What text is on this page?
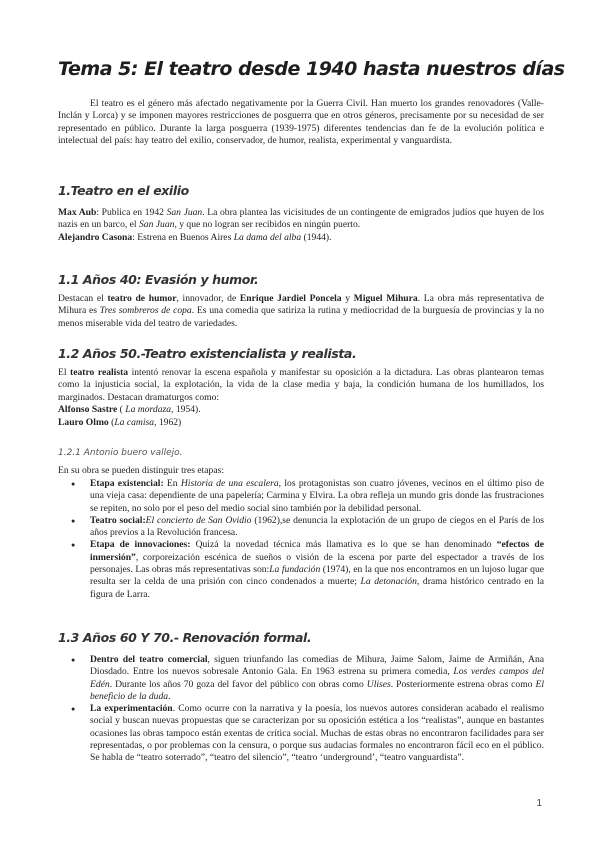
Tema 5: El teatro desde 1940 hasta nuestros días

El teatro es el género más afectado negativamente por la Guerra Civil. Han muerto los grandes renovadores (Valle-Inclán y Lorca) y se imponen mayores restricciones de posguerra que en otros géneros, precisamente por su necesidad de ser representado en público. Durante la larga posguerra (1939-1975) diferentes tendencias dan fe de la evolución política e intelectual del país: hay teatro del exilio, conservador, de humor, realista, experimental y vanguardista.

1.Teatro en el exilio

Max Aub: Publica en 1942 San Juan. La obra plantea las vicisitudes de un contingente de emigrados judíos que huyen de los nazis en un barco, el San Juan, y que no logran ser recibidos en ningún puerto.

Alejandro Casona: Estrena en Buenos Aires La dama del alba (1944).

1.1 Años 40: Evasión y humor.

Destacan el teatro de humor, innovador, de Enrique Jardiel Poncela y Miguel Mihura. La obra más representativa de Mihura es Tres sombreros de copa. Es una comedia que satiriza la rutina y mediocridad de la burguesía de provincias y la no menos miserable vida del teatro de variedades.

1.2 Años 50.-Teatro existencialista y realista.

El teatro realista intentó renovar la escena española y manifestar su oposición a la dictadura. Las obras plantearon temas como la injusticia social, la explotación, la vida de la clase media y baja, la condición humana de los humillados, los marginados. Destacan dramaturgos como:

Alfonso Sastre ( La mordaza, 1954).

Lauro Olmo (La camisa, 1962)

1.2.1 Antonio buero vallejo.

En su obra se pueden distinguir tres etapas:

● Etapa existencial: En Historia de una escalera, los protagonistas son cuatro jóvenes, vecinos en el último piso de una vieja casa: dependiente de una papelería; Carmina y Elvira. La obra refleja un mundo gris donde las frustraciones se repiten, no solo por el peso del medio social sino también por la debilidad personal.
● Teatro social:El concierto de San Ovidio (1962),se denuncia la explotación de un grupo de ciegos en el París de los años previos a la Revolución francesa.
● Etapa de innovaciones: Quizá la novedad técnica más llamativa es lo que se han denominado “efectos de inmersión”, corporeización escénica de sueños o visión de la escena por parte del espectador a través de los personajes. Las obras más representativas son:La fundación (1974), en la que nos encontramos en un lujoso lugar que resulta ser la celda de una prisión con cinco condenados a muerte; La detonación, drama histórico centrado en la figura de Larra.
1.3 Años 60 Y 70.- Renovación formal.
● Dentro del teatro comercial, siguen triunfando las comedias de Mihura, Jaime Salom, Jaime de Armiñán, Ana Diosdado. Entre los nuevos sobresale Antonio Gala. En 1963 estrena su primera comedia, Los verdes campos del Edén. Durante los años 70 goza del favor del público con obras como Ulises. Posteriormente estrena obras como El beneficio de la duda.
● La experimentación. Como ocurre con la narrativa y la poesía, los nuevos autores consideran acabado el realismo social y buscan nuevas propuestas que se caracterizan por su oposición estética a los “realistas”, aunque en bastantes ocasiones las obras tampoco están exentas de crítica social. Muchas de estas obras no encontraron facilidades para ser representadas, o por problemas con la censura, o porque sus audacias formales no encontraron fácil eco en el público. Se habla de “teatro soterrado”, “teatro del silencio”, “teatro ‘underground’, “teatro vanguardista”.
1
